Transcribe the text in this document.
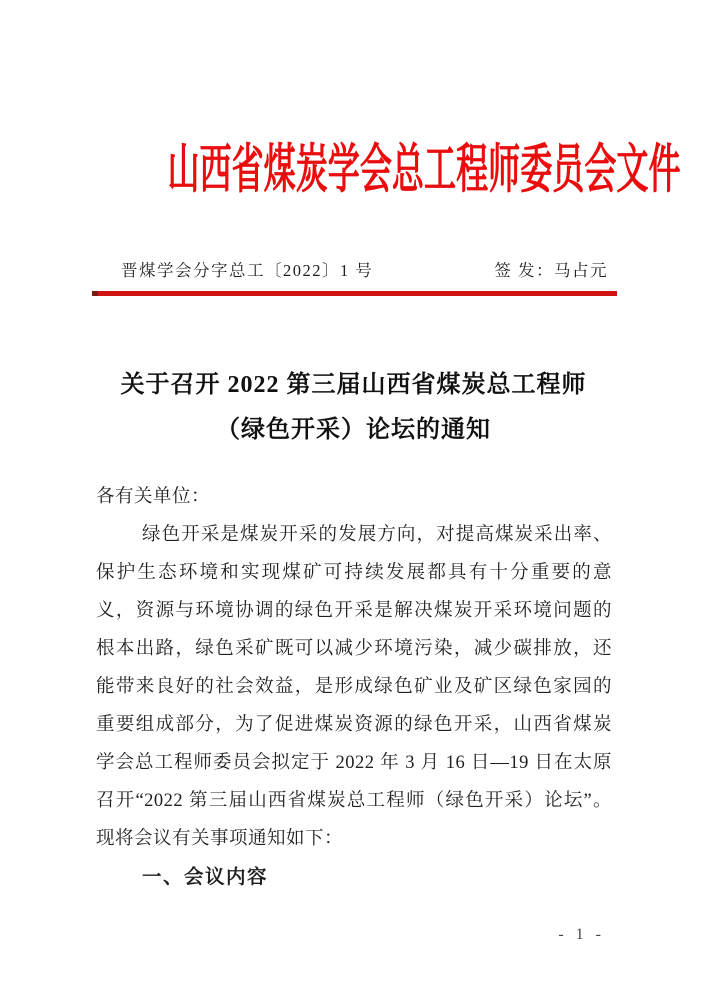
山西省煤炭学会总工程师委员会文件
晋煤学会分字总工〔2022〕1 号	签 发：马占元
关于召开 2022 第三届山西省煤炭总工程师
（绿色开采）论坛的通知
各有关单位：
绿色开采是煤炭开采的发展方向，对提高煤炭采出率、
保护生态环境和实现煤矿可持续发展都具有十分重要的意
义，资源与环境协调的绿色开采是解决煤炭开采环境问题的
根本出路，绿色采矿既可以减少环境污染，减少碳排放，还
能带来良好的社会效益，是形成绿色矿业及矿区绿色家园的
重要组成部分，为了促进煤炭资源的绿色开采，山西省煤炭
学会总工程师委员会拟定于 2022 年 3 月 16 日—19 日在太原
召开“2022 第三届山西省煤炭总工程师（绿色开采）论坛”。
现将会议有关事项通知如下：
一、会议内容
- 1 -
